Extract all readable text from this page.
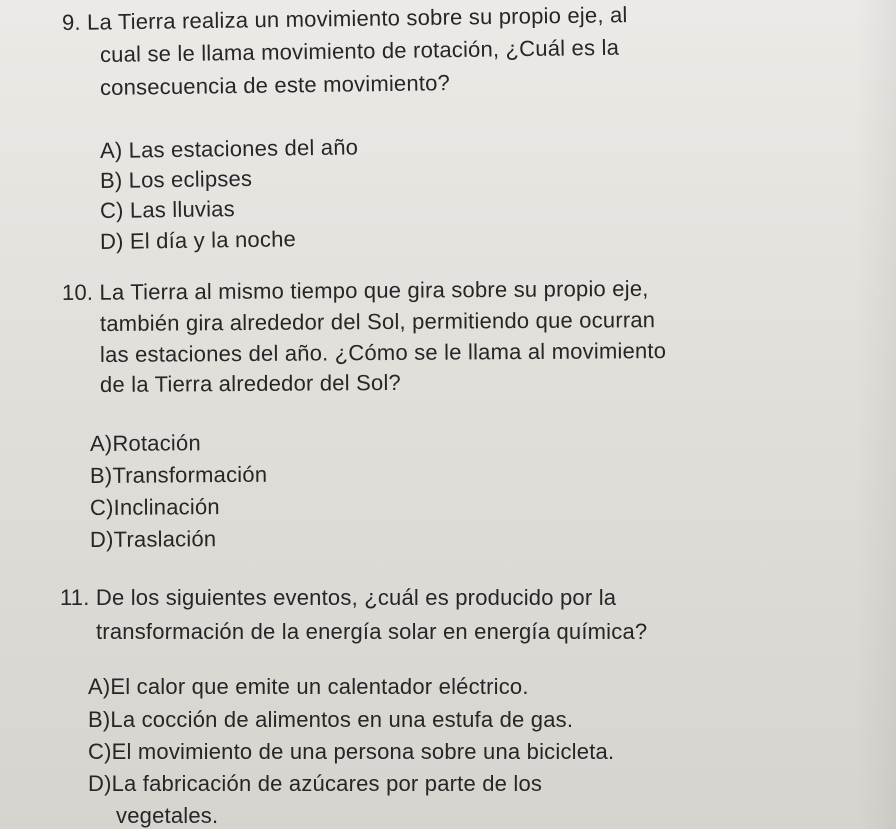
9. La Tierra realiza un movimiento sobre su propio eje, al
cual se le llama movimiento de rotación, ¿Cuál es la
consecuencia de este movimiento?
A) Las estaciones del año
B) Los eclipses
C) Las lluvias
D) El día y la noche
10. La Tierra al mismo tiempo que gira sobre su propio eje,
también gira alrededor del Sol, permitiendo que ocurran
las estaciones del año. ¿Cómo se le llama al movimiento
de la Tierra alrededor del Sol?
A)Rotación
B)Transformación
C)Inclinación
D)Traslación
11. De los siguientes eventos, ¿cuál es producido por la
transformación de la energía solar en energía química?
A)El calor que emite un calentador eléctrico.
B)La cocción de alimentos en una estufa de gas.
C)El movimiento de una persona sobre una bicicleta.
D)La fabricación de azúcares por parte de los
vegetales.
